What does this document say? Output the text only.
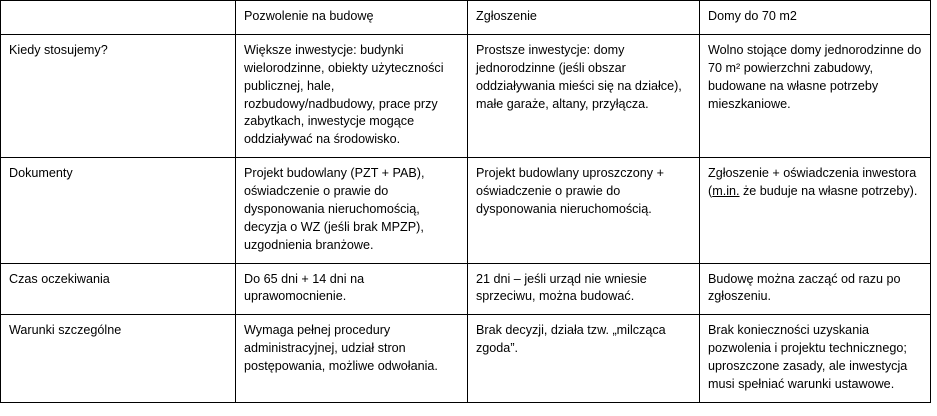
	Pozwolenie na budowę	Zgłoszenie	Domy do 70 m2
Kiedy stosujemy?	Większe inwestycje: budynki wielorodzinne, obiekty użyteczności publicznej, hale, rozbudowy/nadbudowy, prace przy zabytkach, inwestycje mogące oddziaływać na środowisko.	Prostsze inwestycje: domy jednorodzinne (jeśli obszar oddziaływania mieści się na działce), małe garaże, altany, przyłącza.	Wolno stojące domy jednorodzinne do 70 m² powierzchni zabudowy, budowane na własne potrzeby mieszkaniowe.
Dokumenty	Projekt budowlany (PZT + PAB), oświadczenie o prawie do dysponowania nieruchomością, decyzja o WZ (jeśli brak MPZP), uzgodnienia branżowe.	Projekt budowlany uproszczony + oświadczenie o prawie do dysponowania nieruchomością.	Zgłoszenie + oświadczenia inwestora (m.in. że buduje na własne potrzeby).
Czas oczekiwania	Do 65 dni + 14 dni na uprawomocnienie.	21 dni – jeśli urząd nie wniesie sprzeciwu, można budować.	Budowę można zacząć od razu po zgłoszeniu.
Warunki szczególne	Wymaga pełnej procedury administracyjnej, udział stron postępowania, możliwe odwołania.	Brak decyzji, działa tzw. „milcząca zgoda”.	Brak konieczności uzyskania pozwolenia i projektu technicznego; uproszczone zasady, ale inwestycja musi spełniać warunki ustawowe.
